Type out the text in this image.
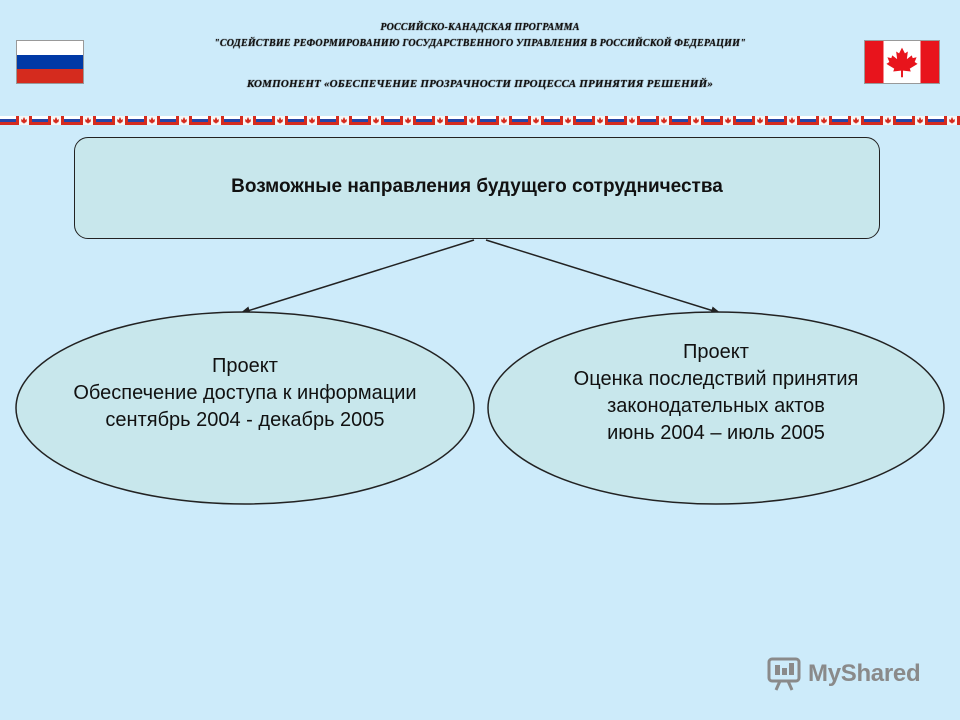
РОССИЙСКО-КАНАДСКАЯ ПРОГРАММА
"СОДЕЙСТВИЕ РЕФОРМИРОВАНИЮ ГОСУДАРСТВЕННОГО УПРАВЛЕНИЯ В РОССИЙСКОЙ ФЕДЕРАЦИИ"
КОМПОНЕНТ «ОБЕСПЕЧЕНИЕ ПРОЗРАЧНОСТИ ПРОЦЕССА ПРИНЯТИЯ РЕШЕНИЙ»
Возможные направления будущего сотрудничества
Проект
Обеспечение доступа к информации
сентябрь 2004 - декабрь 2005
Проект
Оценка последствий принятия
законодательных актов
июнь 2004 – июль 2005
MyShared
